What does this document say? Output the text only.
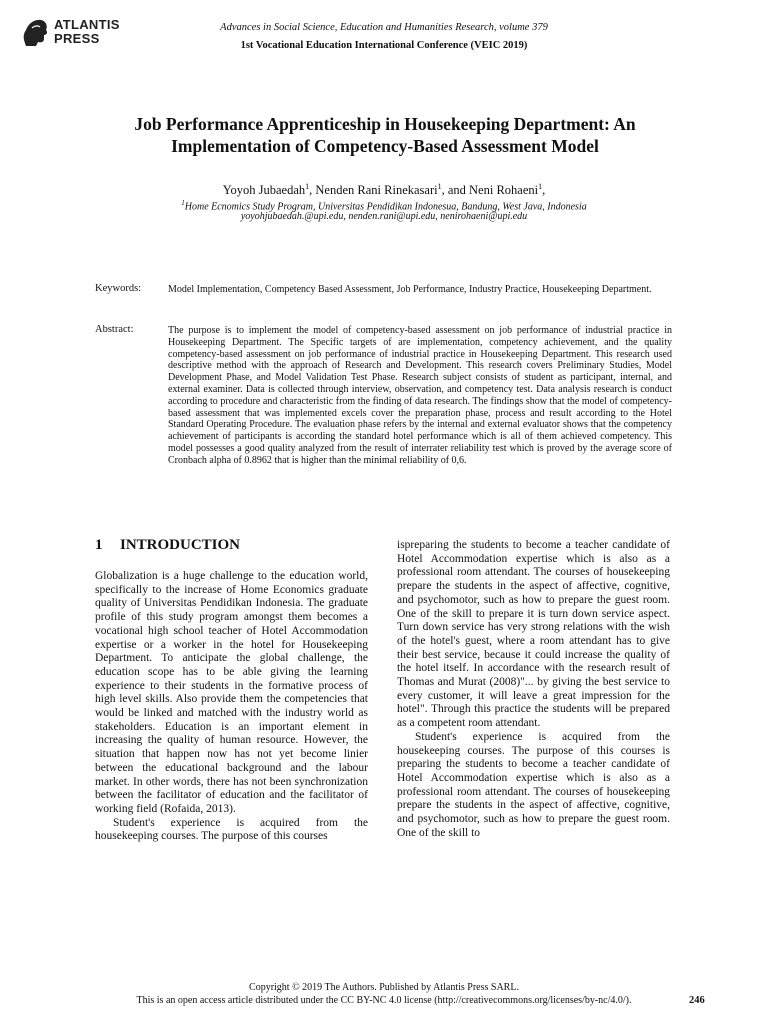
ATLANTIS
PRESS
Advances in Social Science, Education and Humanities Research, volume 379
1st Vocational Education International Conference (VEIC 2019)
Job Performance Apprenticeship in Housekeeping Department: An
Implementation of Competency-Based Assessment Model
Yoyoh Jubaedah$^1$, Nenden Rani Rinekasari$^1$, and Neni Rohaeni$^1$,
$^1$Home Ecnomics Study Program, Universitas Pendidikan Indonesua, Bandung, West Java, Indonesia
yoyohjubaedah.@upi.edu, nenden.rani@upi.edu, nenirohaeni@upi.edu
Keywords:	Model Implementation, Competency Based Assessment, Job Performance, Industry Practice, Housekeeping Department.
Abstract:	The purpose is to implement the model of competency-based assessment on job performance of industrial practice in Housekeeping Department. The Specific targets of are implementation, competency achievement, and the quality competency-based assessment on job performance of industrial practice in Housekeeping Department. This research used descriptive method with the approach of Research and Development. This research covers Preliminary Studies, Model Development Phase, and Model Validation Test Phase. Research subject consists of student as participant, internal, and external examiner. Data is collected through interview, observation, and competency test. Data analysis research is conduct according to procedure and characteristic from the finding of data research. The findings show that the model of competency-based assessment that was implemented excels cover the preparation phase, process and result according to the Hotel Standard Operating Procedure. The evaluation phase refers by the internal and external evaluator shows that the competency achievement of participants is according the standard hotel performance which is all of them achieved competency. This model possesses a good quality analyzed from the result of interrater reliability test which is proved by the average score of Cronbach alpha of 0.8962 that is higher than the minimal reliability of 0,6.
1 INTRODUCTION

Globalization is a huge challenge to the education world, specifically to the increase of Home Economics graduate quality of Universitas Pendidikan Indonesia. The graduate profile of this study program amongst them becomes a vocational high school teacher of Hotel Accommodation expertise or a worker in the hotel for Housekeeping Department. To anticipate the global challenge, the education scope has to be able giving the learning experience to their students in the formative process of high level skills. Also provide them the competencies that would be linked and matched with the industry world as stakeholders. Education is an important element in increasing the quality of human resource. However, the situation that happen now has not yet become linier between the educational background and the labour market. In other words, there has not been synchronization between the facilitator of education and the facilitator of working field (Rofaida, 2013).

Student's experience is acquired from the housekeeping courses. The purpose of this courses

ispreparing the students to become a teacher candidate of Hotel Accommodation expertise which is also as a professional room attendant. The courses of housekeeping prepare the students in the aspect of affective, cognitive, and psychomotor, such as how to prepare the guest room. One of the skill to prepare it is turn down service aspect. Turn down service has very strong relations with the wish of the hotel's guest, where a room attendant has to give their best service, because it could increase the quality of the hotel itself. In accordance with the research result of Thomas and Murat (2008)"... by giving the best service to every customer, it will leave a great impression for the hotel". Through this practice the students will be prepared as a competent room attendant.

Student's experience is acquired from the housekeeping courses. The purpose of this courses is preparing the students to become a teacher candidate of Hotel Accommodation expertise which is also as a professional room attendant. The courses of housekeeping prepare the students in the aspect of affective, cognitive, and psychomotor, such as how to prepare the guest room. One of the skill to

Copyright © 2019 The Authors. Published by Atlantis Press SARL.
This is an open access article distributed under the CC BY-NC 4.0 license (http://creativecommons.org/licenses/by-nc/4.0/).	246
